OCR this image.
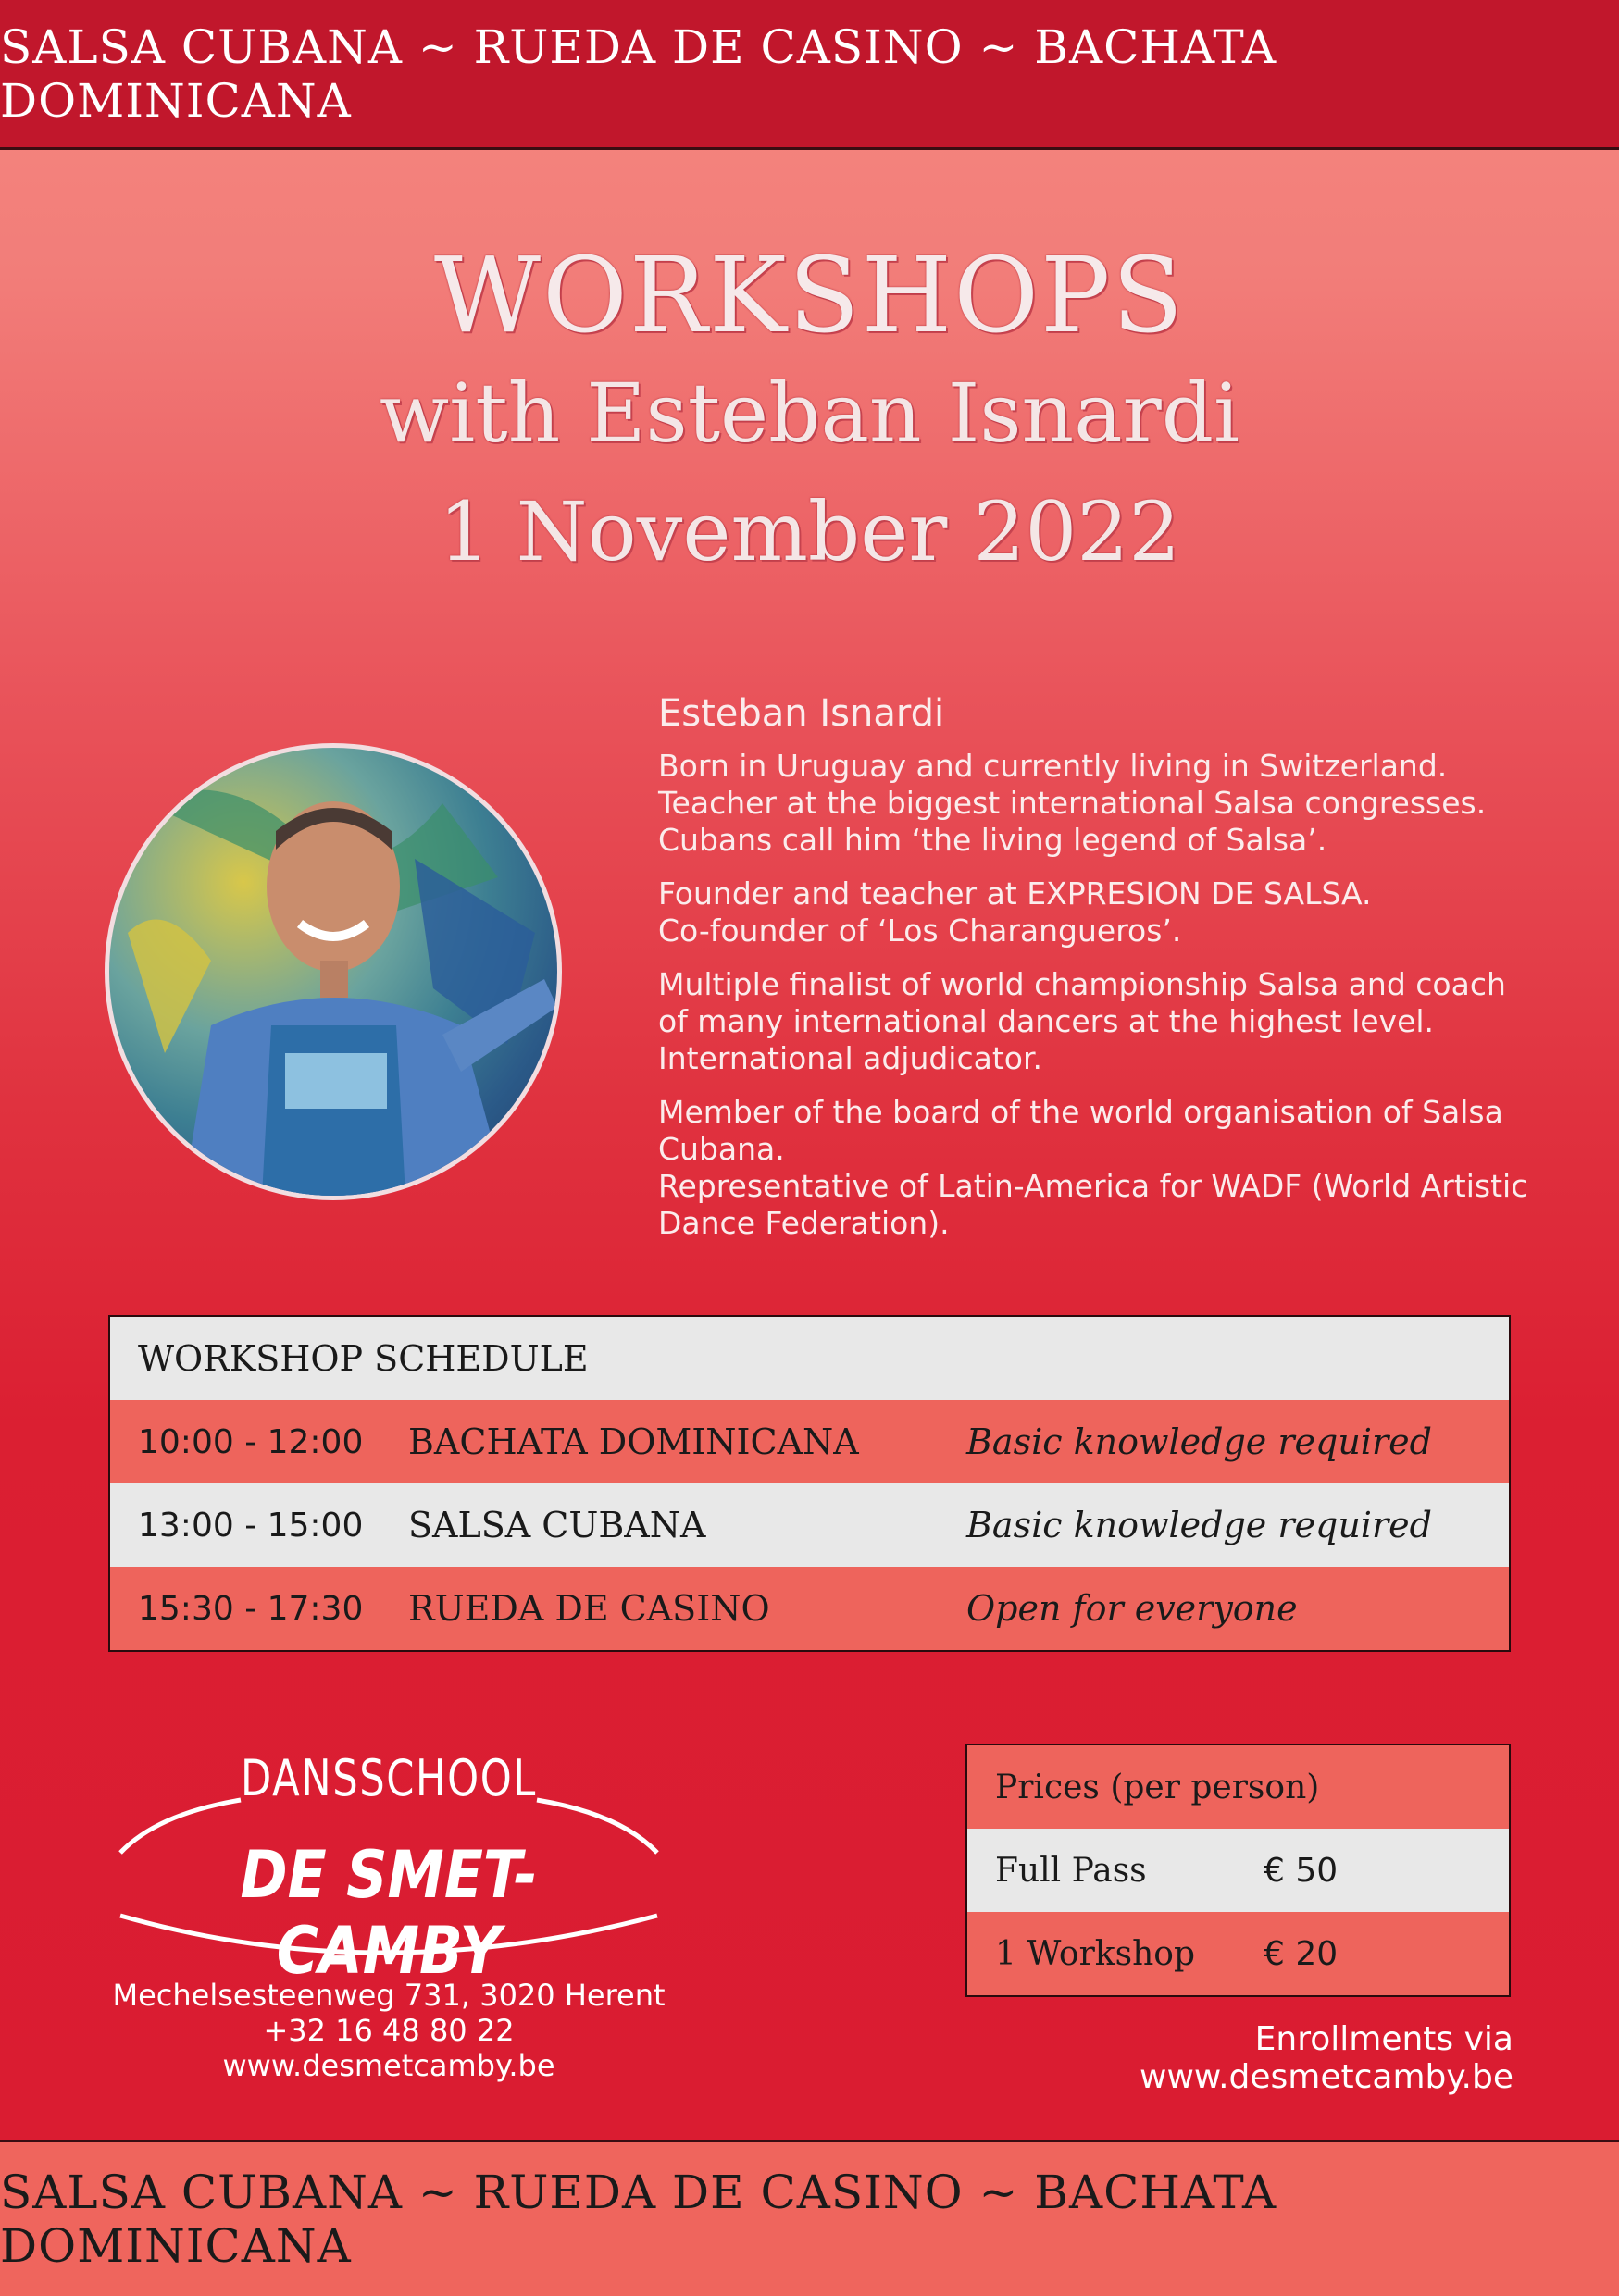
SALSA CUBANA ~ RUEDA DE CASINO ~ BACHATA DOMINICANA
WORKSHOPS
with Esteban Isnardi
1 November 2022
Esteban Isnardi

Born in Uruguay and currently living in Switzerland.
Teacher at the biggest international Salsa congresses.
Cubans call him ‘the living legend of Salsa’.

Founder and teacher at EXPRESION DE SALSA.
Co-founder of ‘Los Charangueros’.

Multiple finalist of world championship Salsa and coach
of many international dancers at the highest level.
International adjudicator.

Member of the board of the world organisation of Salsa
Cubana.
Representative of Latin-America for WADF (World Artistic
Dance Federation).

WORKSHOP SCHEDULE
10:00 - 12:00	BACHATA DOMINICANA	Basic knowledge required
13:00 - 15:00	SALSA CUBANA	Basic knowledge required
15:30 - 17:30	RUEDA DE CASINO	Open for everyone
DANSSCHOOL
DE SMET-CAMBY
Mechelsesteenweg 731, 3020 Herent
+32 16 48 80 22
www.desmetcamby.be
Prices (per person)
Full Pass	€ 50
1 Workshop	€ 20
Enrollments via www.desmetcamby.be
SALSA CUBANA ~ RUEDA DE CASINO ~ BACHATA DOMINICANA
